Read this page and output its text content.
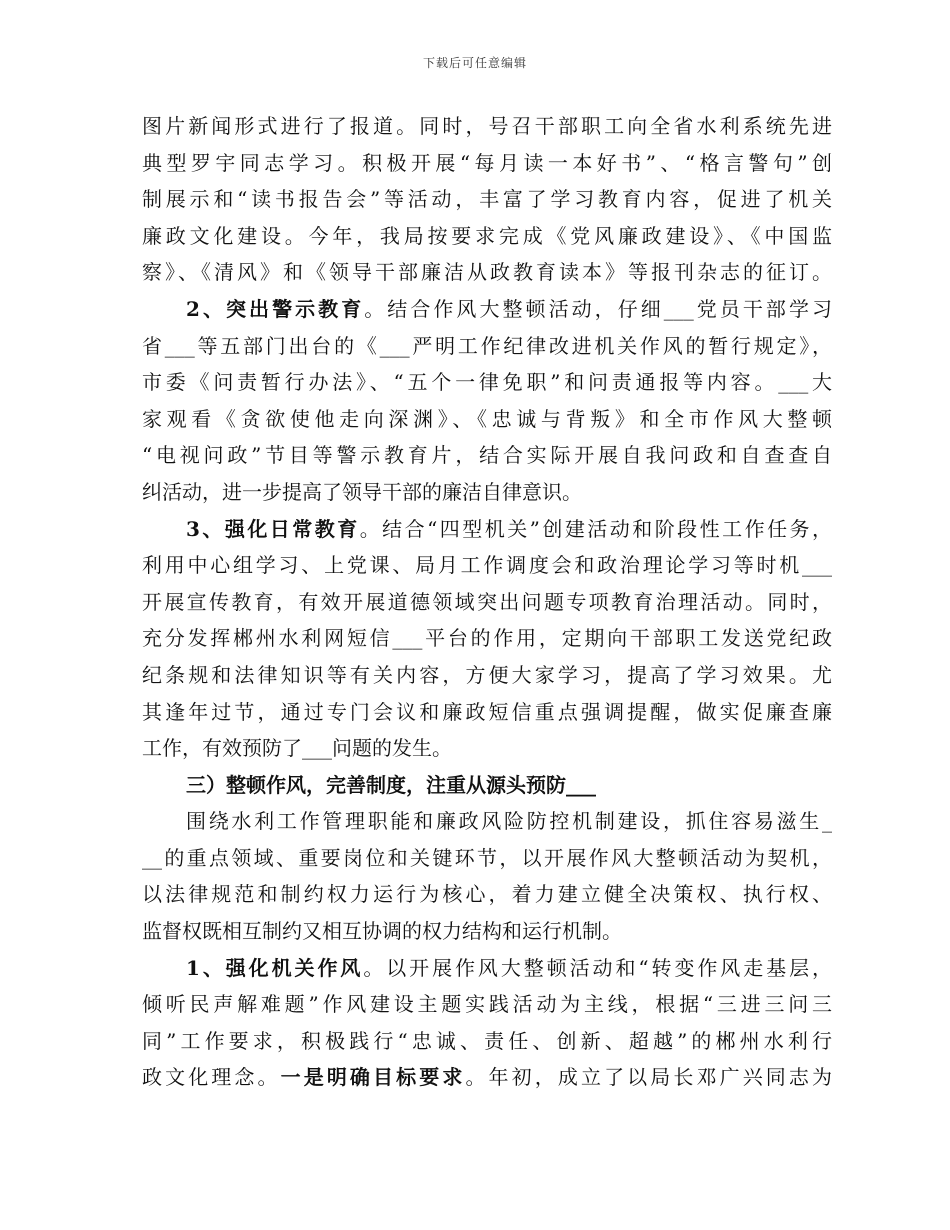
下载后可任意编辑
图片新闻形式进行了报道。同时，号召干部职工向全省水利系统先进
典型罗宇同志学习。积极开展“每月读一本好书”、“格言警句”创
制展示和“读书报告会”等活动，丰富了学习教育内容，促进了机关
廉政文化建设。今年，我局按要求完成《党风廉政建设》、《中国监
察》、《清风》和《领导干部廉洁从政教育读本》等报刊杂志的征订。
2、突出警示教育。结合作风大整顿活动，仔细___党员干部学习
省___等五部门出台的《___严明工作纪律改进机关作风的暂行规定》，
市委《问责暂行办法》、“五个一律免职”和问责通报等内容。___大
家观看《贪欲使他走向深渊》、《忠诚与背叛》和全市作风大整顿
“电视问政”节目等警示教育片，结合实际开展自我问政和自查查自
纠活动，进一步提高了领导干部的廉洁自律意识。
3、强化日常教育。结合“四型机关”创建活动和阶段性工作任务，
利用中心组学习、上党课、局月工作调度会和政治理论学习等时机___
开展宣传教育，有效开展道德领域突出问题专项教育治理活动。同时，
充分发挥郴州水利网短信___平台的作用，定期向干部职工发送党纪政
纪条规和法律知识等有关内容，方便大家学习，提高了学习效果。尤
其逢年过节，通过专门会议和廉政短信重点强调提醒，做实促廉查廉
工作，有效预防了___问题的发生。
三）整顿作风，完善制度，注重从源头预防___
围绕水利工作管理职能和廉政风险防控机制建设，抓住容易滋生_
__的重点领域、重要岗位和关键环节，以开展作风大整顿活动为契机，
以法律规范和制约权力运行为核心，着力建立健全决策权、执行权、
监督权既相互制约又相互协调的权力结构和运行机制。
1、强化机关作风。以开展作风大整顿活动和“转变作风走基层，
倾听民声解难题”作风建设主题实践活动为主线，根据“三进三问三
同”工作要求，积极践行“忠诚、责任、创新、超越”的郴州水利行
政文化理念。一是明确目标要求。年初，成立了以局长邓广兴同志为
